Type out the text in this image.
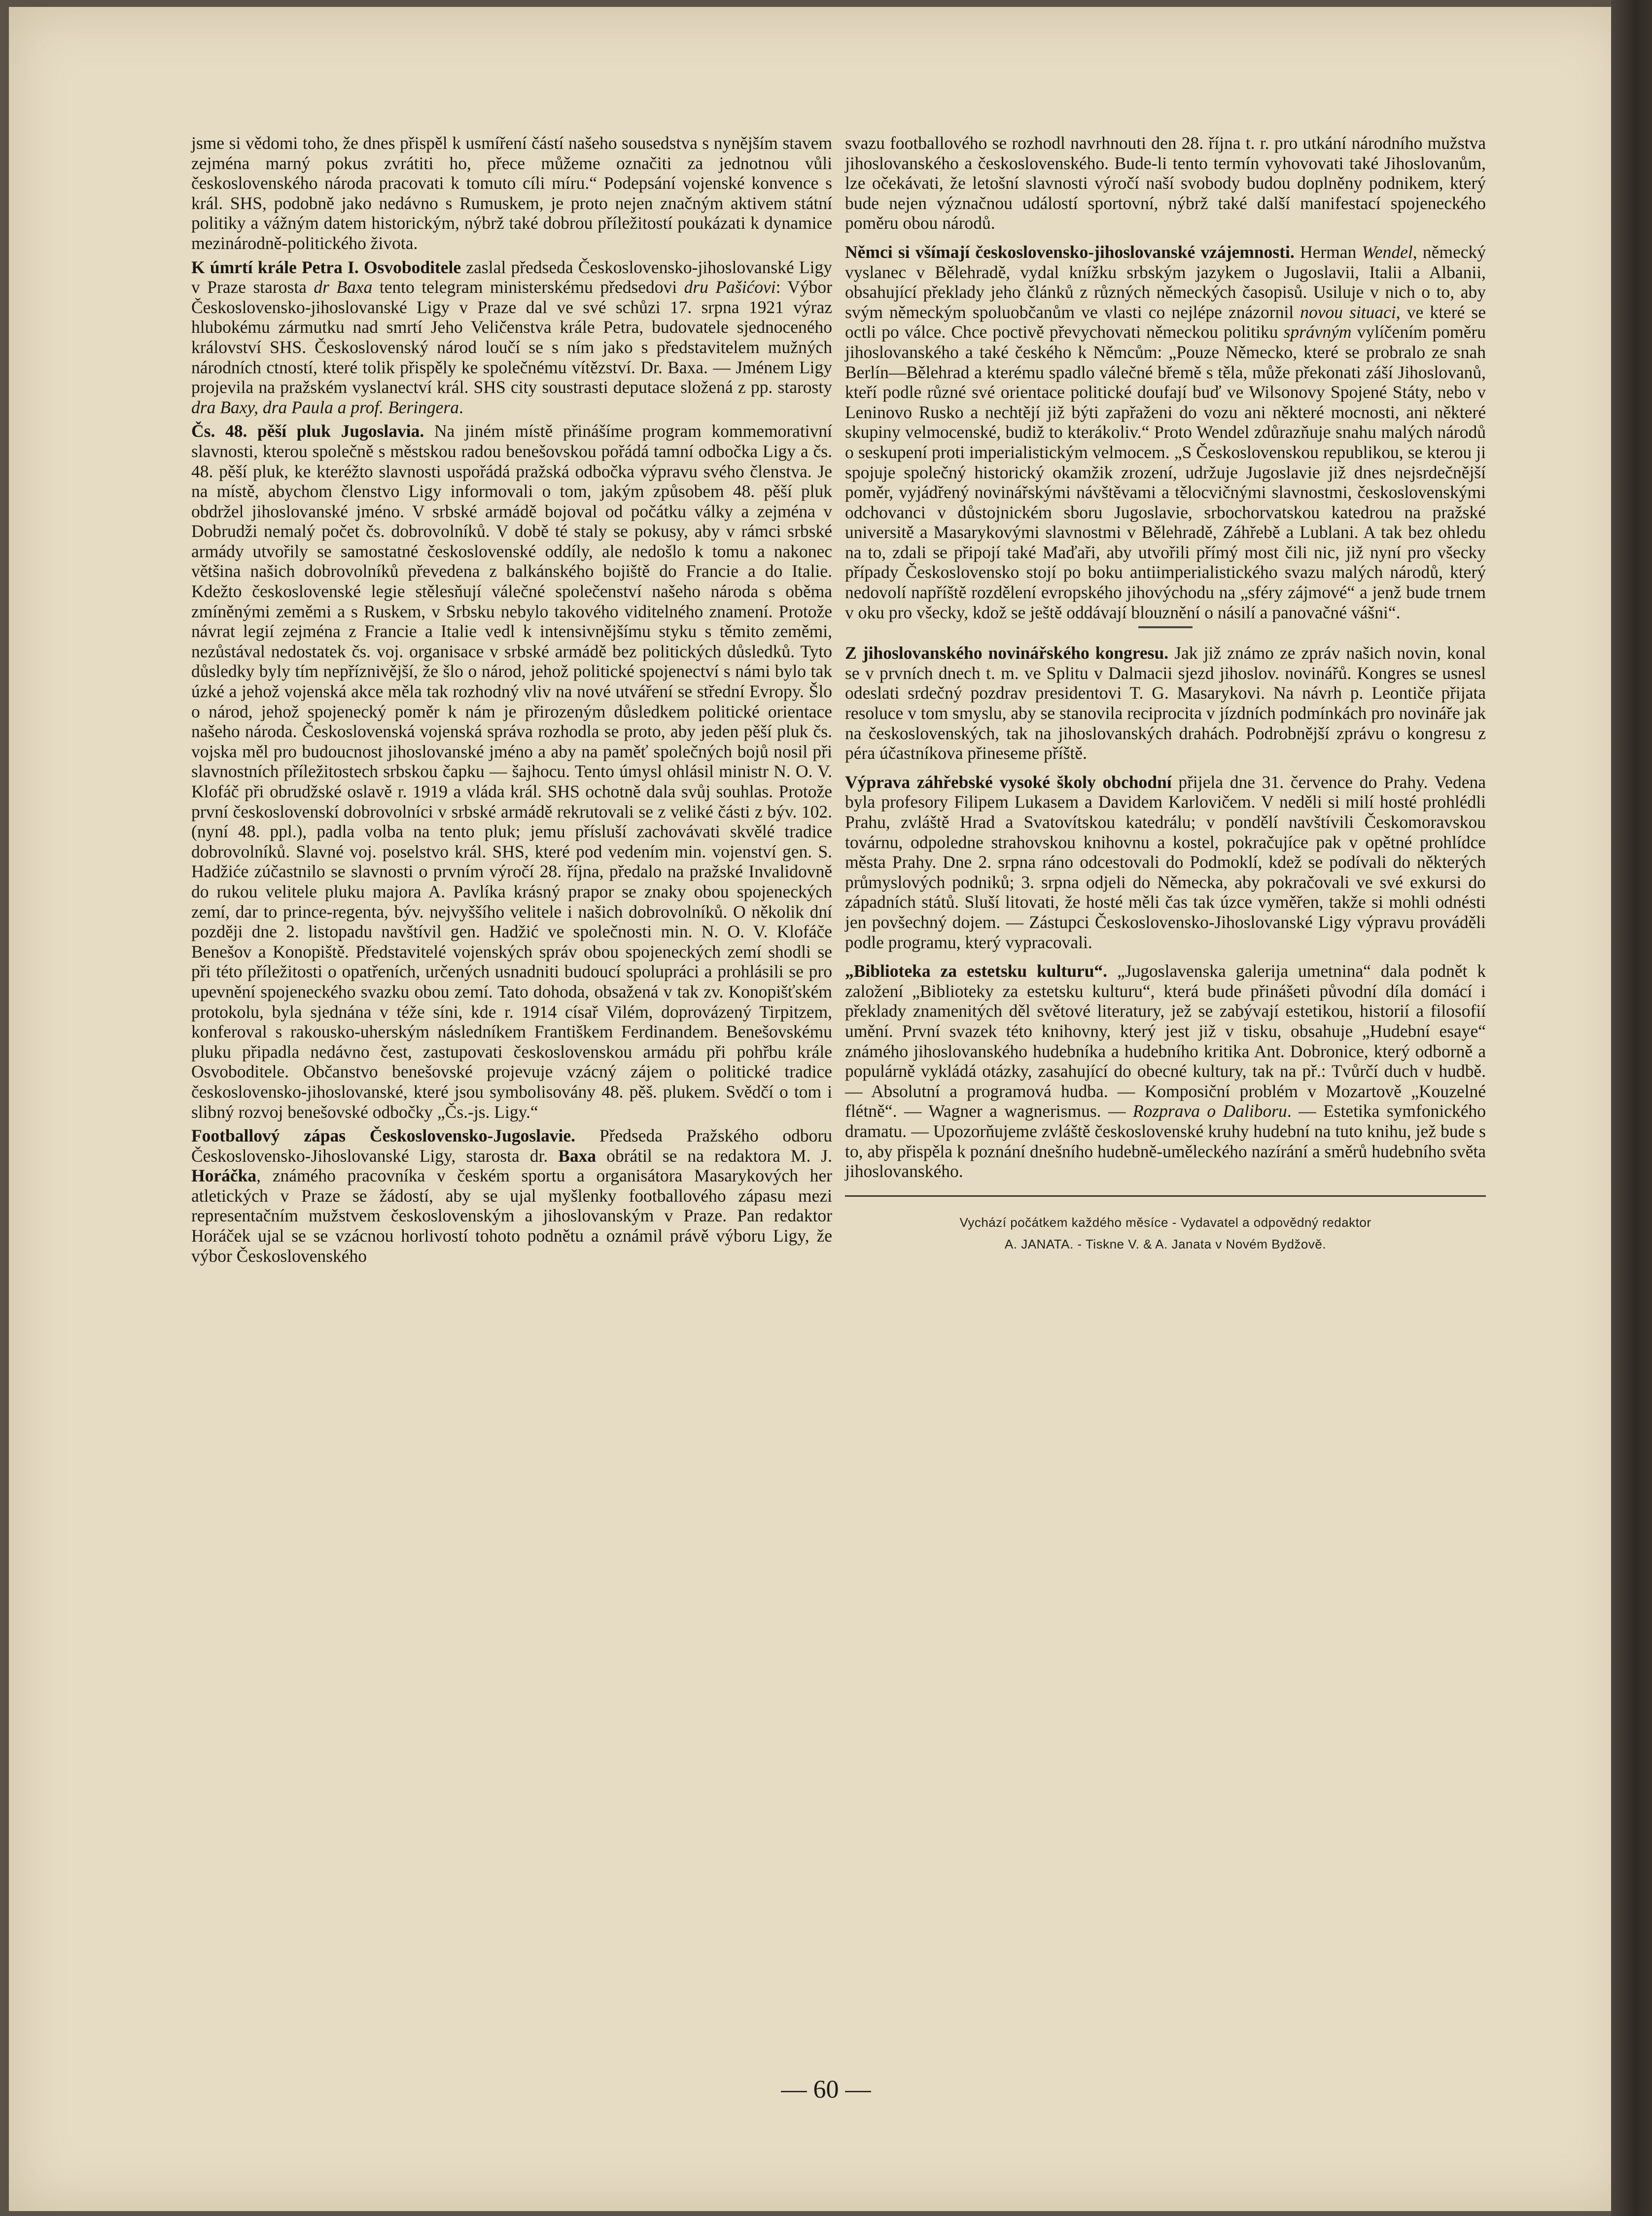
jsme si vědomi toho, že dnes přispěl k usmíření částí našeho sousedstva s nynějším stavem zejména marný pokus zvrátiti ho, přece můžeme označiti za jednotnou vůli československého národa pracovati k tomuto cíli míru.“ Podepsání vojenské konvence s král. SHS, podobně jako nedávno s Rumuskem, je proto nejen značným aktivem státní politiky a vážným datem historickým, nýbrž také dobrou příležitostí poukázati k dynamice mezinárodně-politického života.

K úmrtí krále Petra I. Osvoboditele zaslal předseda Československo-jihoslovanské Ligy v Praze starosta dr Baxa tento telegram ministerskému předsedovi dru Pašićovi: Výbor Československo-jihoslovanské Ligy v Praze dal ve své schůzi 17. srpna 1921 výraz hlubokému zármutku nad smrtí Jeho Veličenstva krále Petra, budovatele sjednoceného království SHS. Československý národ loučí se s ním jako s představitelem mužných národních ctností, které tolik přispěly ke společnému vítězství. Dr. Baxa. — Jménem Ligy projevila na pražském vyslanectví král. SHS city soustrasti deputace složená z pp. starosty dra Baxy, dra Paula a prof. Beringera.

Čs. 48. pěší pluk Jugoslavia. Na jiném místě přinášíme program kommemorativní slavnosti, kterou společně s městskou radou benešovskou pořádá tamní odbočka Ligy a čs. 48. pěší pluk, ke kteréžto slavnosti uspořádá pražská odbočka výpravu svého členstva. Je na místě, abychom členstvo Ligy informovali o tom, jakým způsobem 48. pěší pluk obdržel jihoslovanské jméno. V srbské armádě bojoval od počátku války a zejména v Dobrudži nemalý počet čs. dobrovolníků. V době té staly se pokusy, aby v rámci srbské armády utvořily se samostatné československé oddíly, ale nedošlo k tomu a nakonec většina našich dobrovolníků převedena z balkánského bojiště do Francie a do Italie. Kdežto československé legie stělesňují válečné společenství našeho národa s oběma zmíněnými zeměmi a s Ruskem, v Srbsku nebylo takového viditelného znamení. Protože návrat legií zejména z Francie a Italie vedl k intensivnějšímu styku s těmito zeměmi, nezůstával nedostatek čs. voj. organisace v srbské armádě bez politických důsledků. Tyto důsledky byly tím nepříznivější, že šlo o národ, jehož politické spojenectví s námi bylo tak úzké a jehož vojenská akce měla tak rozhodný vliv na nové utváření se střední Evropy. Šlo o národ, jehož spojenecký poměr k nám je přirozeným důsledkem politické orientace našeho národa. Československá vojenská správa rozhodla se proto, aby jeden pěší pluk čs. vojska měl pro budoucnost jihoslovanské jméno a aby na paměť společných bojů nosil při slavnostních příležitostech srbskou čapku — šajhocu. Tento úmysl ohlásil ministr N. O. V. Klofáč při obrudžské oslavě r. 1919 a vláda král. SHS ochotně dala svůj souhlas. Protože první československí dobrovolníci v srbské armádě rekrutovali se z veliké části z býv. 102. (nyní 48. ppl.), padla volba na tento pluk; jemu přísluší zachovávati skvělé tradice dobrovolníků. Slavné voj. poselstvo král. SHS, které pod vedením min. vojenství gen. S. Hadžiće zúčastnilo se slavnosti o prvním výročí 28. října, předalo na pražské Invalidovně do rukou velitele pluku majora A. Pavlíka krásný prapor se znaky obou spojeneckých zemí, dar to princе-regenta, býv. nejvyššího velitele i našich dobrovolníků. O několik dní později dne 2. listopadu navštívil gen. Hadžić ve společnosti min. N. O. V. Klofáče Benešov a Konopiště. Představitelé vojenských správ obou spojeneckých zemí shodli se při této příležitosti o opatřeních, určených usnadniti budoucí spolupráci a prohlásili se pro upevnění spojeneckého svazku obou zemí. Tato dohoda, obsažená v tak zv. Konopišťském protokolu, byla sjednána v téže síni, kde r. 1914 císař Vilém, doprovázený Tirpitzem, konferoval s rakousko-uherským následníkem Františkem Ferdinandem. Benešovskému pluku připadla nedávno čest, zastupovati československou armádu při pohřbu krále Osvoboditele. Občanstvo benešovské projevuje vzácný zájem o politické tradice československo-jihoslovanské, které jsou symbolisovány 48. pěš. plukem. Svědčí o tom i slibný rozvoj benešovské odbočky „Čs.-js. Ligy.“

Footballový zápas Československo-Jugoslavie. Předseda Pražského odboru Československo-Jihoslovanské Ligy, starosta dr. Baxa obrátil se na redaktora M. J. Horáčka, známého pracovníka v českém sportu a organisátora Masarykových her atletických v Praze se žádostí, aby se ujal myšlenky footballového zápasu mezi representačním mužstvem československým a jihoslovanským v Praze. Pan redaktor Horáček ujal se se vzácnou horlivostí tohoto podnětu a oznámil právě výboru Ligy, že výbor Československého

svazu footballového se rozhodl navrhnouti den 28. října t. r. pro utkání národního mužstva jihoslovanského a československého. Bude-li tento termín vyhovovati také Jihoslovanům, lze očekávati, že letošní slavnosti výročí naší svobody budou doplněny podnikem, který bude nejen význačnou událostí sportovní, nýbrž také další manifestací spojeneckého poměru obou národů.

Němci si všímají československo-jihoslovanské vzájemnosti. Herman Wendel, německý vyslanec v Bělehradě, vydal knížku srbským jazykem o Jugoslavii, Italii a Albanii, obsahující překlady jeho článků z různých německých časopisů. Usiluje v nich o to, aby svým německým spoluobčanům ve vlasti co nejlépe znázornil novou situaci, ve které se octli po válce. Chce poctivě převychovati německou politiku správným vylíčením poměru jihoslovanského a také českého k Němcům: „Pouze Německo, které se probralo ze snah Berlín—Bělehrad a kterému spadlo válečné břemě s těla, může překonati záší Jihoslovanů, kteří podle různé své orientace politické doufají buď ve Wilsonovy Spojené Státy, nebo v Leninovo Rusko a nechtějí již býti zapřaženi do vozu ani některé mocnosti, ani některé skupiny velmocenské, budiž to kterákoliv.“ Proto Wendel zdůrazňuje snahu malých národů o seskupení proti imperialistickým velmocem. „S Československou republikou, se kterou ji spojuje společný historický okamžik zrození, udržuje Jugoslavie již dnes nejsrdečnější poměr, vyjádřený novinářskými návštěvami a tělocvičnými slavnostmi, československými odchovanci v důstojnickém sboru Jugoslavie, srbochorvatskou katedrou na pražské universitě a Masarykovými slavnostmi v Bělehradě, Záhřebě a Lublani. A tak bez ohledu na to, zdali se připojí také Maďaři, aby utvořili přímý most čili nic, již nyní pro všecky případy Československo stojí po boku antiimperialistického svazu malých národů, který nedovolí napříště rozdělení evropského jihovýchodu na „sféry zájmové“ a jenž bude trnem v oku pro všecky, kdož se ještě oddávají blouznění o násilí a panovačné vášni“.

Z jihoslovanského novinářského kongresu. Jak již známo ze zpráv našich novin, konal se v prvních dnech t. m. ve Splitu v Dalmacii sjezd jihoslov. novinářů. Kongres se usnesl odeslati srdečný pozdrav presidentovi T. G. Masarykovi. Na návrh p. Leontiče přijata resoluce v tom smyslu, aby se stanovila reciprocita v jízdních podmínkách pro novináře jak na československých, tak na jihoslovanských drahách. Podrobnější zprávu o kongresu z péra účastníkova přineseme příště.

Výprava záhřebské vysoké školy obchodní přijela dne 31. července do Prahy. Vedena byla profesory Filipem Lukasem a Davidem Karlovičem. V neděli si milí hosté prohlédli Prahu, zvláště Hrad a Svatovítskou katedrálu; v pondělí navštívili Českomoravskou továrnu, odpoledne strahovskou knihovnu a kostel, pokračujíce pak v opětné prohlídce města Prahy. Dne 2. srpna ráno odcestovali do Podmoklí, kdež se podívali do některých průmyslových podniků; 3. srpna odjeli do Německa, aby pokračovali ve své exkursi do západních států. Sluší litovati, že hosté měli čas tak úzce vyměřen, takže si mohli odnésti jen povšechný dojem. — Zástupci Československo-Jihoslovanské Ligy výpravu prováděli podle programu, který vypracovali.

„Biblioteka za estetsku kulturu“. „Jugoslavenska galerija umetnina“ dala podnět k založení „Biblioteky za estetsku kulturu“, která bude přinášeti původní díla domácí i překlady znamenitých děl světové literatury, jež se zabývají estetikou, historií a filosofií umění. První svazek této knihovny, který jest již v tisku, obsahuje „Hudební esaye“ známého jihoslovanského hudebníka a hudebního kritika Ant. Dobronice, který odborně a populárně vykládá otázky, zasahující do obecné kultury, tak na př.: Tvůrčí duch v hudbě. — Absolutní a programová hudba. — Komposiční problém v Mozartově „Kouzelné flétně“. — Wagner a wagnerismus. — Rozprava o Daliboru. — Estetika symfonického dramatu. — Upozorňujeme zvláště československé kruhy hudební na tuto knihu, jež bude s to, aby přispěla k poznání dnešního hudebně-uměleckého nazírání a směrů hudebního světa jihoslovanského.

Vychází počátkem každého měsíce - Vydavatel a odpovědný redaktor
A. JANATA. - Tiskne V. & A. Janata v Novém Bydžově.
— 60 —
